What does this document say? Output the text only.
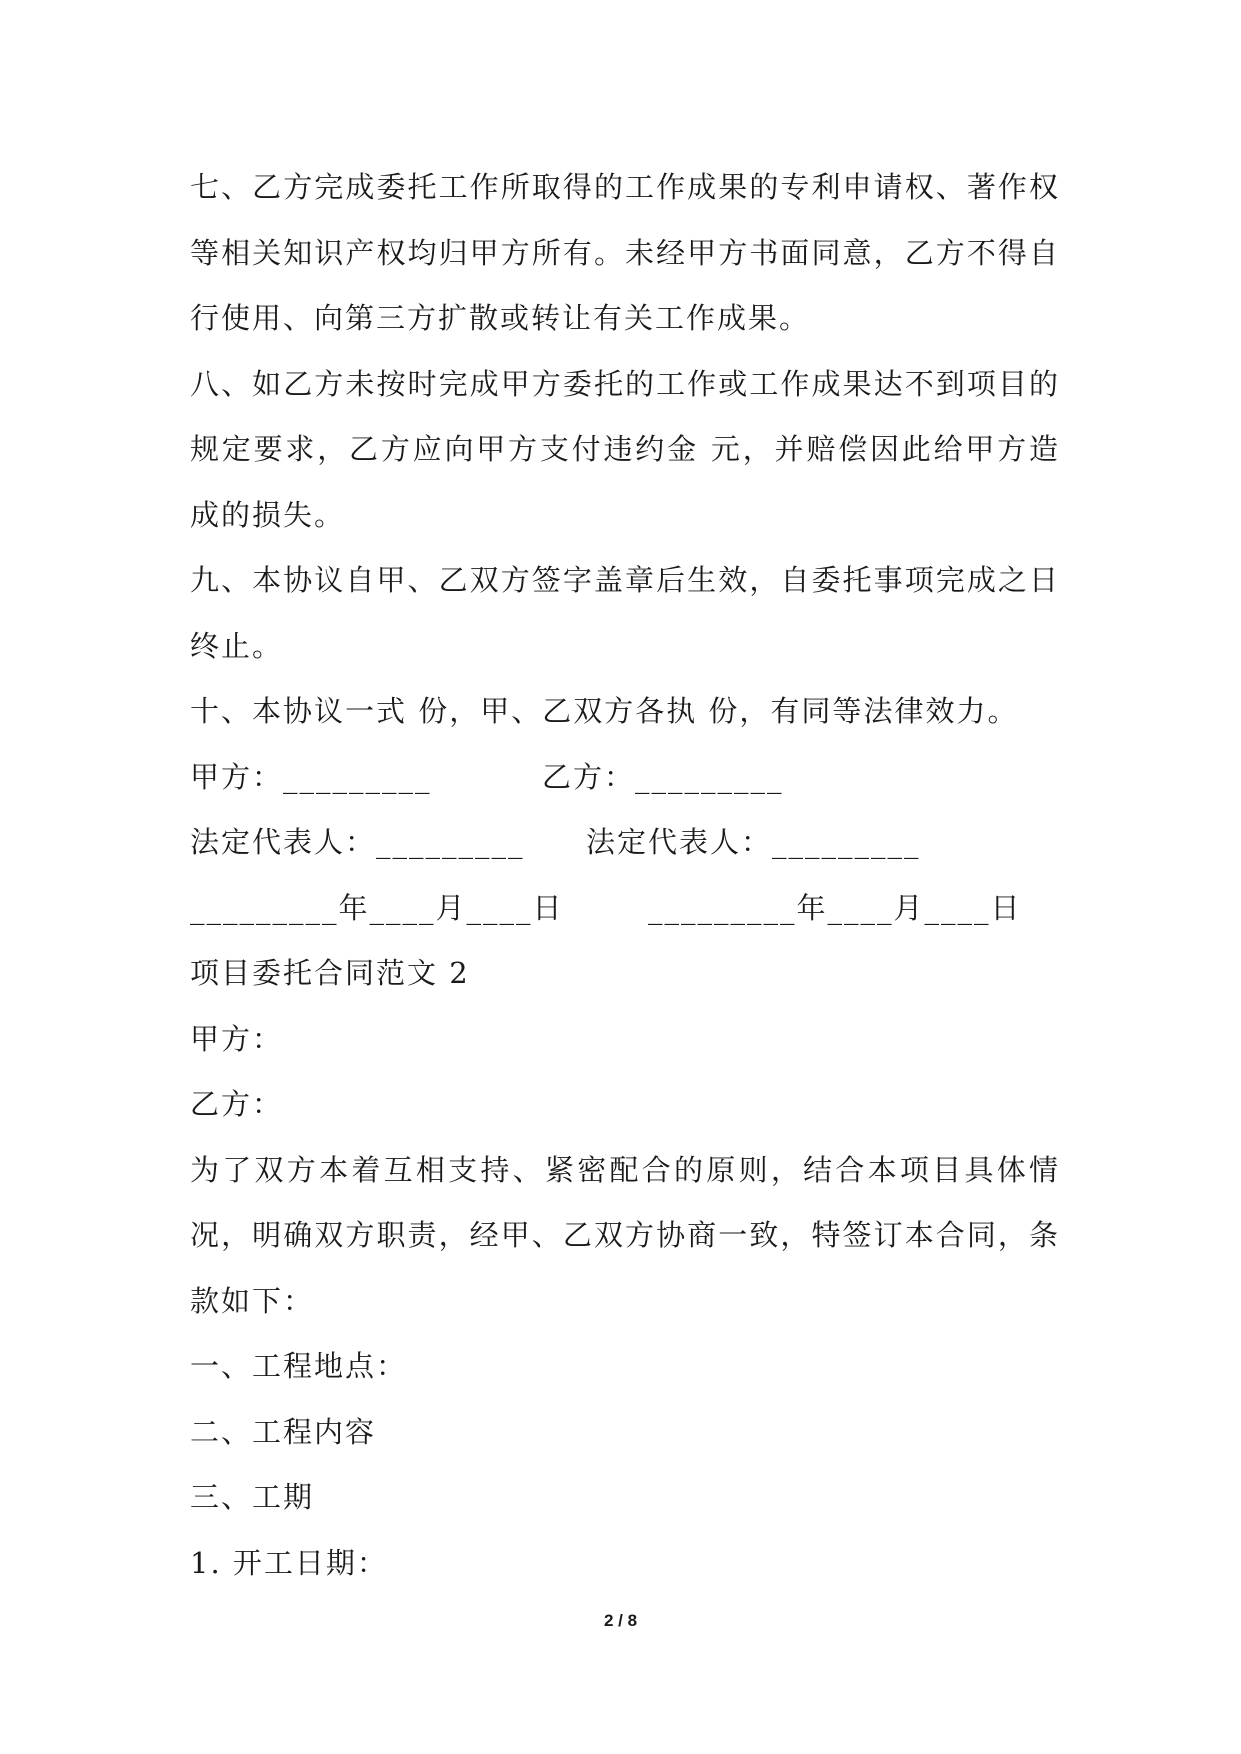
七、乙方完成委托工作所取得的工作成果的专利申请权、著作权等相关知识产权均归甲方所有。未经甲方书面同意，乙方不得自行使用、向第三方扩散或转让有关工作成果。

八、如乙方未按时完成甲方委托的工作或工作成果达不到项目的规定要求，乙方应向甲方支付违约金 元，并赔偿因此给甲方造成的损失。

九、本协议自甲、乙双方签字盖章后生效，自委托事项完成之日终止。

十、本协议一式 份，甲、乙双方各执 份，有同等法律效力。

甲方：_________

	乙方：_________

法定代表人：_________

法定代表人：_________

_________年____月____日

	_________年____月____日

项目委托合同范文 2

甲方：

乙方：

为了双方本着互相支持、紧密配合的原则，结合本项目具体情况，明确双方职责，经甲、乙双方协商一致，特签订本合同，条款如下：

一、工程地点：

二、工程内容

三、工期

1. 开工日期：

2 / 8
